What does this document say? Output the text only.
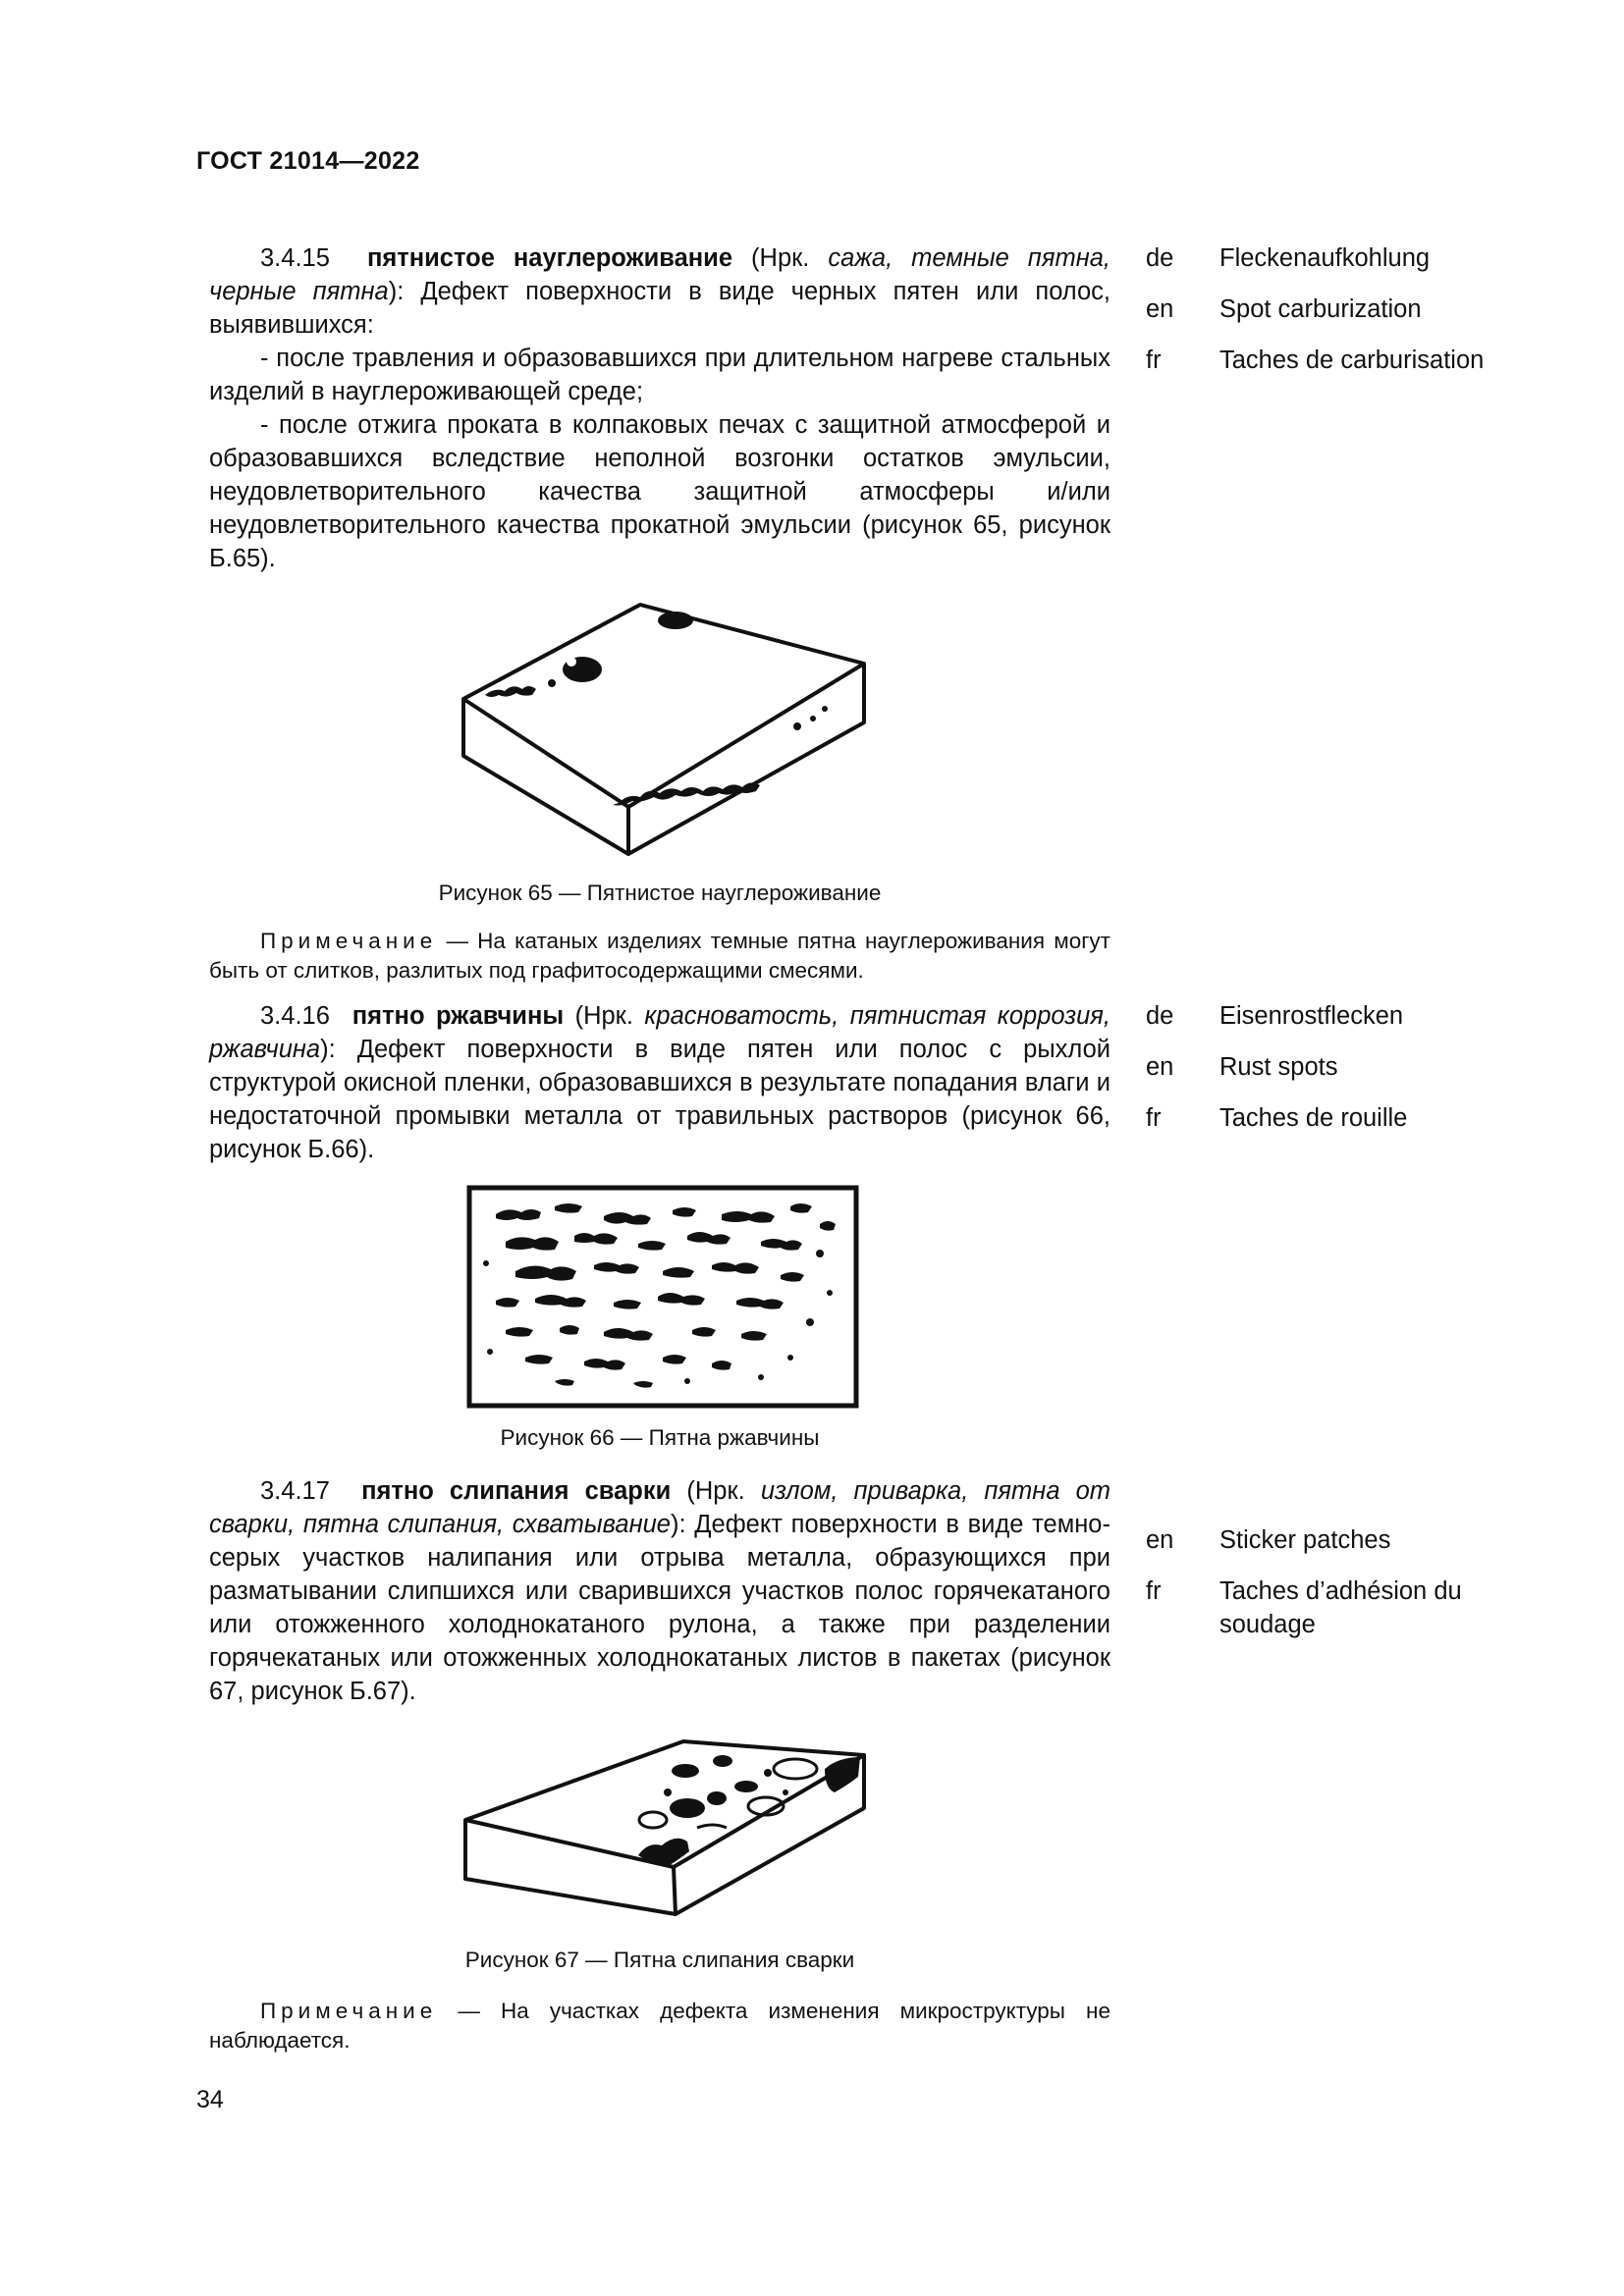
ГОСТ 21014—2022

3.4.15 пятнистое науглероживание (Нрк. сажа, темные пятна, черные пятна): Дефект поверхности в виде черных пятен или полос, выявившихся:

- после травления и образовавшихся при длительном нагреве стальных изделий в науглероживающей среде;

- после отжига проката в колпаковых печах с защитной атмосферой и образовавшихся вследствие неполной возгонки остатков эмульсии, неудовлетворительного качества защитной атмосферы и/или неудовлетворительного качества прокатной эмульсии (рисунок 65, рисунок Б.65).

de Fleckenaufkohlung
en Spot carburization
fr Taches de carburisation
Рисунок 65 — Пятнистое науглероживание

Примечание — На катаных изделиях темные пятна науглероживания могут быть от слитков, разлитых под графитосодержащими смесями.

3.4.16 пятно ржавчины (Нрк. красноватость, пятнистая коррозия, ржавчина): Дефект поверхности в виде пятен или полос с рыхлой структурой окисной пленки, образовавшихся в результате попадания влаги и недостаточной промывки металла от травильных растворов (рисунок 66, рисунок Б.66).

de Eisenrostflecken
en Rust spots
fr Taches de rouille
Рисунок 66 — Пятна ржавчины

3.4.17 пятно слипания сварки (Нрк. излом, приварка, пятна от сварки, пятна слипания, схватывание): Дефект поверхности в виде темно-серых участков налипания или отрыва металла, образующихся при разматывании слипшихся или сварившихся участков полос горячекатаного или отожженного холоднокатаного рулона, а также при разделении горячекатаных или отожженных холоднокатаных листов в пакетах (рисунок 67, рисунок Б.67).

en Sticker patches
fr Taches d’adhésion du soudage
Рисунок 67 — Пятна слипания сварки

Примечание — На участках дефекта изменения микроструктуры не наблюдается.

34
